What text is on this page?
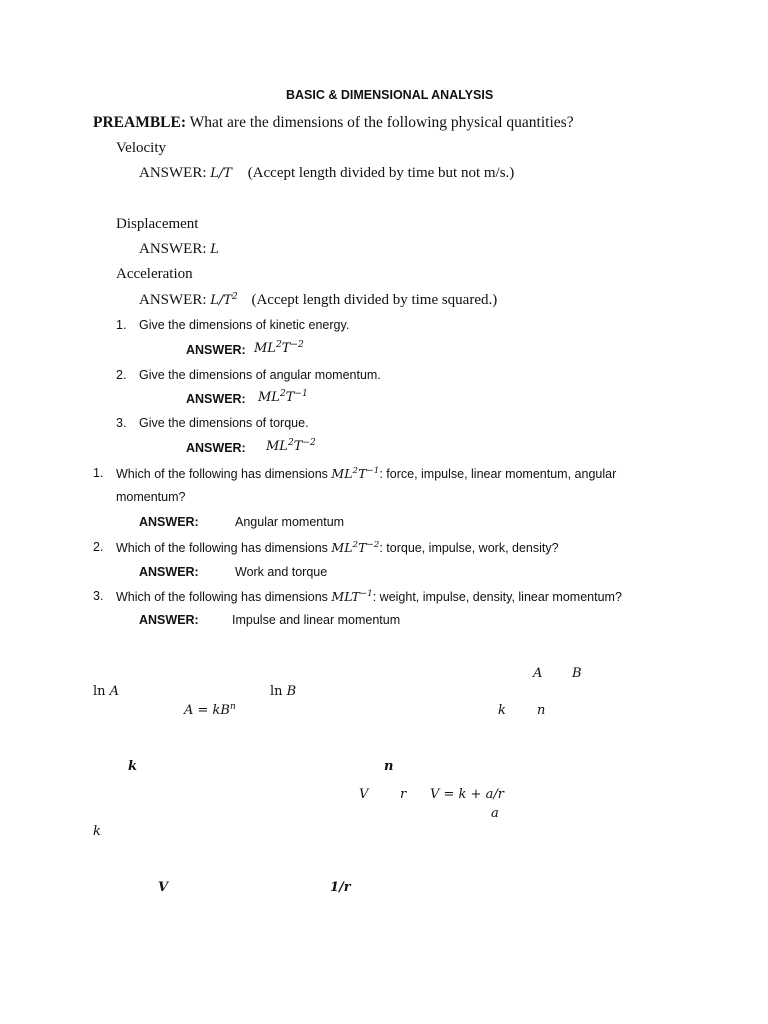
BASIC & DIMENSIONAL ANALYSIS
PREAMBLE: What are the dimensions of the following physical quantities?
Velocity
ANSWER: L/T (Accept length divided by time but not m/s.)
Displacement
ANSWER: L
Acceleration
ANSWER: $L/T^2$ (Accept length divided by time squared.)
1. Give the dimensions of kinetic energy.
ANSWER: $ML^2T^{-2}$
2. Give the dimensions of angular momentum.
ANSWER: $ML^2T^{-1}$
3. Give the dimensions of torque.
ANSWER: $ML^2T^{-2}$
1. Which of the following has dimensions $ML^2T^{-1}$: force, impulse, linear momentum, angular
momentum?
ANSWER:	Angular momentum
2. Which of the following has dimensions $ML^2T^{-2}$: torque, impulse, work, density?
ANSWER:	Work and torque
3. Which of the following has dimensions $MLT^{-1}$: weight, impulse, density, linear momentum?
ANSWER:	Impulse and linear momentum
A B
ln A	ln B
$A = kB^n$	k n
k	n
V r V = k + a/r
a
k
V	1/r
